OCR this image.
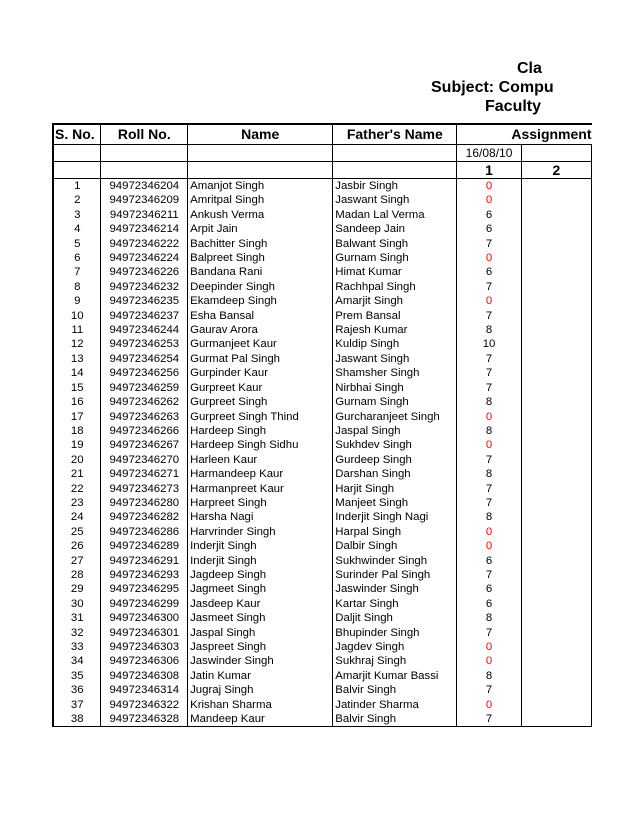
Cla
Subject: Compu
Faculty
S. No.	Roll No.	Name	Father's Name	Assignment	
				16/08/10	
				1	2
1	94972346204	Amanjot Singh	Jasbir Singh	0	
2	94972346209	Amritpal Singh	Jaswant Singh	0	
3	94972346211	Ankush Verma	Madan Lal Verma	6	
4	94972346214	Arpit Jain	Sandeep Jain	6	
5	94972346222	Bachitter Singh	Balwant Singh	7	
6	94972346224	Balpreet Singh	Gurnam Singh	0	
7	94972346226	Bandana Rani	Himat Kumar	6	
8	94972346232	Deepinder Singh	Rachhpal Singh	7	
9	94972346235	Ekamdeep Singh	Amarjit Singh	0	
10	94972346237	Esha Bansal	Prem Bansal	7	
11	94972346244	Gaurav Arora	Rajesh Kumar	8	
12	94972346253	Gurmanjeet Kaur	Kuldip Singh	10	
13	94972346254	Gurmat Pal Singh	Jaswant Singh	7	
14	94972346256	Gurpinder Kaur	Shamsher Singh	7	
15	94972346259	Gurpreet Kaur	Nirbhai Singh	7	
16	94972346262	Gurpreet Singh	Gurnam Singh	8	
17	94972346263	Gurpreet Singh Thind	Gurcharanjeet Singh	0	
18	94972346266	Hardeep Singh	Jaspal Singh	8	
19	94972346267	Hardeep Singh Sidhu	Sukhdev Singh	0	
20	94972346270	Harleen Kaur	Gurdeep Singh	7	
21	94972346271	Harmandeep Kaur	Darshan Singh	8	
22	94972346273	Harmanpreet Kaur	Harjit Singh	7	
23	94972346280	Harpreet Singh	Manjeet Singh	7	
24	94972346282	Harsha Nagi	Inderjit Singh Nagi	8	
25	94972346286	Harvrinder Singh	Harpal Singh	0	
26	94972346289	Inderjit Singh	Dalbir Singh	0	
27	94972346291	Inderjit Singh	Sukhwinder Singh	6	
28	94972346293	Jagdeep Singh	Surinder Pal Singh	7	
29	94972346295	Jagmeet Singh	Jaswinder Singh	6	
30	94972346299	Jasdeep Kaur	Kartar Singh	6	
31	94972346300	Jasmeet Singh	Daljit Singh	8	
32	94972346301	Jaspal Singh	Bhupinder Singh	7	
33	94972346303	Jaspreet Singh	Jagdev Singh	0	
34	94972346306	Jaswinder Singh	Sukhraj Singh	0	
35	94972346308	Jatin Kumar	Amarjit Kumar Bassi	8	
36	94972346314	Jugraj Singh	Balvir Singh	7	
37	94972346322	Krishan Sharma	Jatinder Sharma	0	
38	94972346328	Mandeep Kaur	Balvir Singh	7	
